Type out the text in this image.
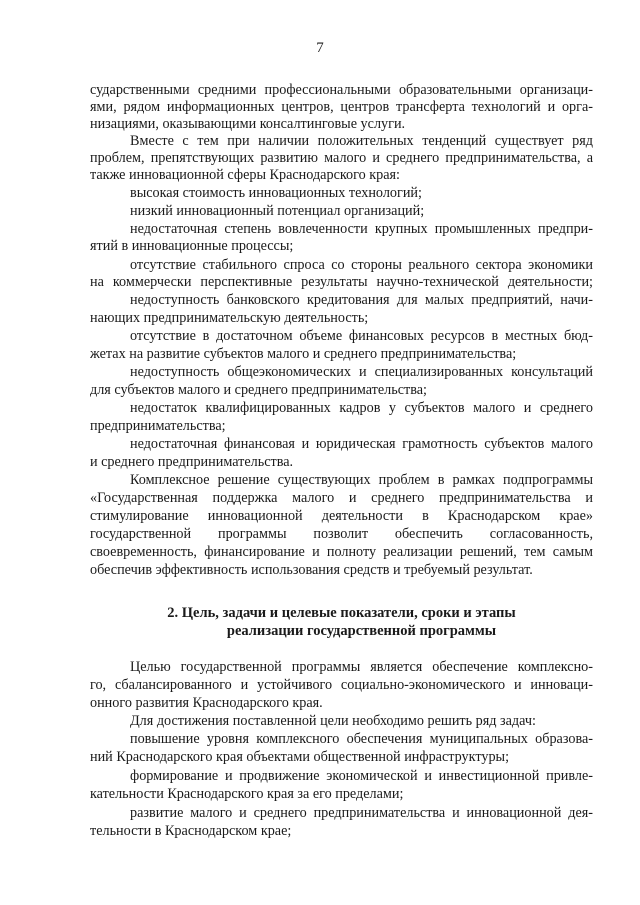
7
сударственными средними профессиональными образовательными организаци-
ями, рядом информационных центров, центров трансферта технологий и орга-
низациями, оказывающими консалтинговые услуги.
Вместе с тем при наличии положительных тенденций существует ряд
проблем, препятствующих развитию малого и среднего предпринимательства, а
также инновационной сферы Краснодарского края:
высокая стоимость инновационных технологий;
низкий инновационный потенциал организаций;
недостаточная степень вовлеченности крупных промышленных предпри-
ятий в инновационные процессы;
отсутствие стабильного спроса со стороны реального сектора экономики
на коммерчески перспективные результаты научно-технической деятельности;
недоступность банковского кредитования для малых предприятий, начи-
нающих предпринимательскую деятельность;
отсутствие в достаточном объеме финансовых ресурсов в местных бюд-
жетах на развитие субъектов малого и среднего предпринимательства;
недоступность общеэкономических и специализированных консультаций
для субъектов малого и среднего предпринимательства;
недостаток квалифицированных кадров у субъектов малого и среднего
предпринимательства;
недостаточная финансовая и юридическая грамотность субъектов малого
и среднего предпринимательства.
Комплексное решение существующих проблем в рамках подпрограммы
«Государственная поддержка малого и среднего предпринимательства и
стимулирование инновационной деятельности в Краснодарском крае»
государственной программы позволит обеспечить согласованность,
своевременность, финансирование и полноту реализации решений, тем самым
обеспечив эффективность использования средств и требуемый результат.
2. Цель, задачи и целевые показатели, сроки и этапы
реализации государственной программы
Целью государственной программы является обеспечение комплексно-
го, сбалансированного и устойчивого социально-экономического и инноваци-
онного развития Краснодарского края.
Для достижения поставленной цели необходимо решить ряд задач:
повышение уровня комплексного обеспечения муниципальных образова-
ний Краснодарского края объектами общественной инфраструктуры;
формирование и продвижение экономической и инвестиционной привле-
кательности Краснодарского края за его пределами;
развитие малого и среднего предпринимательства и инновационной дея-
тельности в Краснодарском крае;
